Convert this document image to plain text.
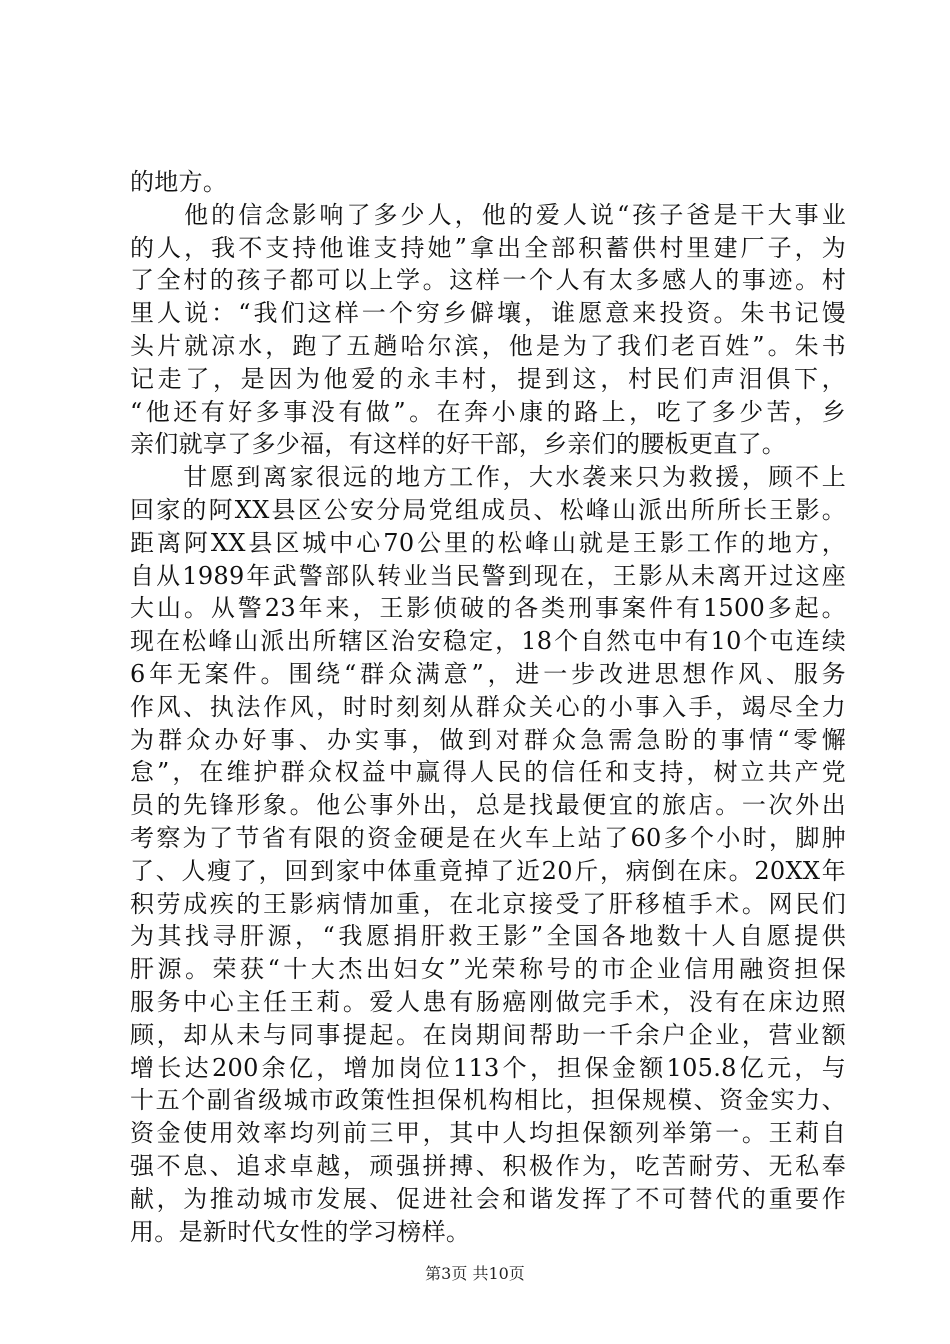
的地方。
　　他的信念影响了多少人，他的爱人说“孩子爸是干大事业
的人，我不支持他谁支持她”拿出全部积蓄供村里建厂子，为
了全村的孩子都可以上学。这样一个人有太多感人的事迹。村
里人说：“我们这样一个穷乡僻壤，谁愿意来投资。朱书记馒
头片就凉水，跑了五趟哈尔滨，他是为了我们老百姓”。朱书
记走了，是因为他爱的永丰村，提到这，村民们声泪俱下，
“他还有好多事没有做”。在奔小康的路上，吃了多少苦，乡
亲们就享了多少福，有这样的好干部，乡亲们的腰板更直了。
　　甘愿到离家很远的地方工作，大水袭来只为救援，顾不上
回家的阿XX县区公安分局党组成员、松峰山派出所所长王影。
距离阿XX县区城中心70公里的松峰山就是王影工作的地方，
自从1989年武警部队转业当民警到现在，王影从未离开过这座
大山。从警23年来，王影侦破的各类刑事案件有1500多起。
现在松峰山派出所辖区治安稳定，18个自然屯中有10个屯连续
6年无案件。围绕“群众满意”，进一步改进思想作风、服务
作风、执法作风，时时刻刻从群众关心的小事入手，竭尽全力
为群众办好事、办实事，做到对群众急需急盼的事情“零懈
怠”，在维护群众权益中赢得人民的信任和支持，树立共产党
员的先锋形象。他公事外出，总是找最便宜的旅店。一次外出
考察为了节省有限的资金硬是在火车上站了60多个小时，脚肿
了、人瘦了，回到家中体重竟掉了近20斤，病倒在床。20XX年
积劳成疾的王影病情加重，在北京接受了肝移植手术。网民们
为其找寻肝源，“我愿捐肝救王影”全国各地数十人自愿提供
肝源。荣获“十大杰出妇女”光荣称号的市企业信用融资担保
服务中心主任王莉。爱人患有肠癌刚做完手术，没有在床边照
顾，却从未与同事提起。在岗期间帮助一千余户企业，营业额
增长达200余亿，增加岗位113个，担保金额105.8亿元，与
十五个副省级城市政策性担保机构相比，担保规模、资金实力、
资金使用效率均列前三甲，其中人均担保额列举第一。王莉自
强不息、追求卓越，顽强拼搏、积极作为，吃苦耐劳、无私奉
献，为推动城市发展、促进社会和谐发挥了不可替代的重要作
用。是新时代女性的学习榜样。
第3页 共10页
